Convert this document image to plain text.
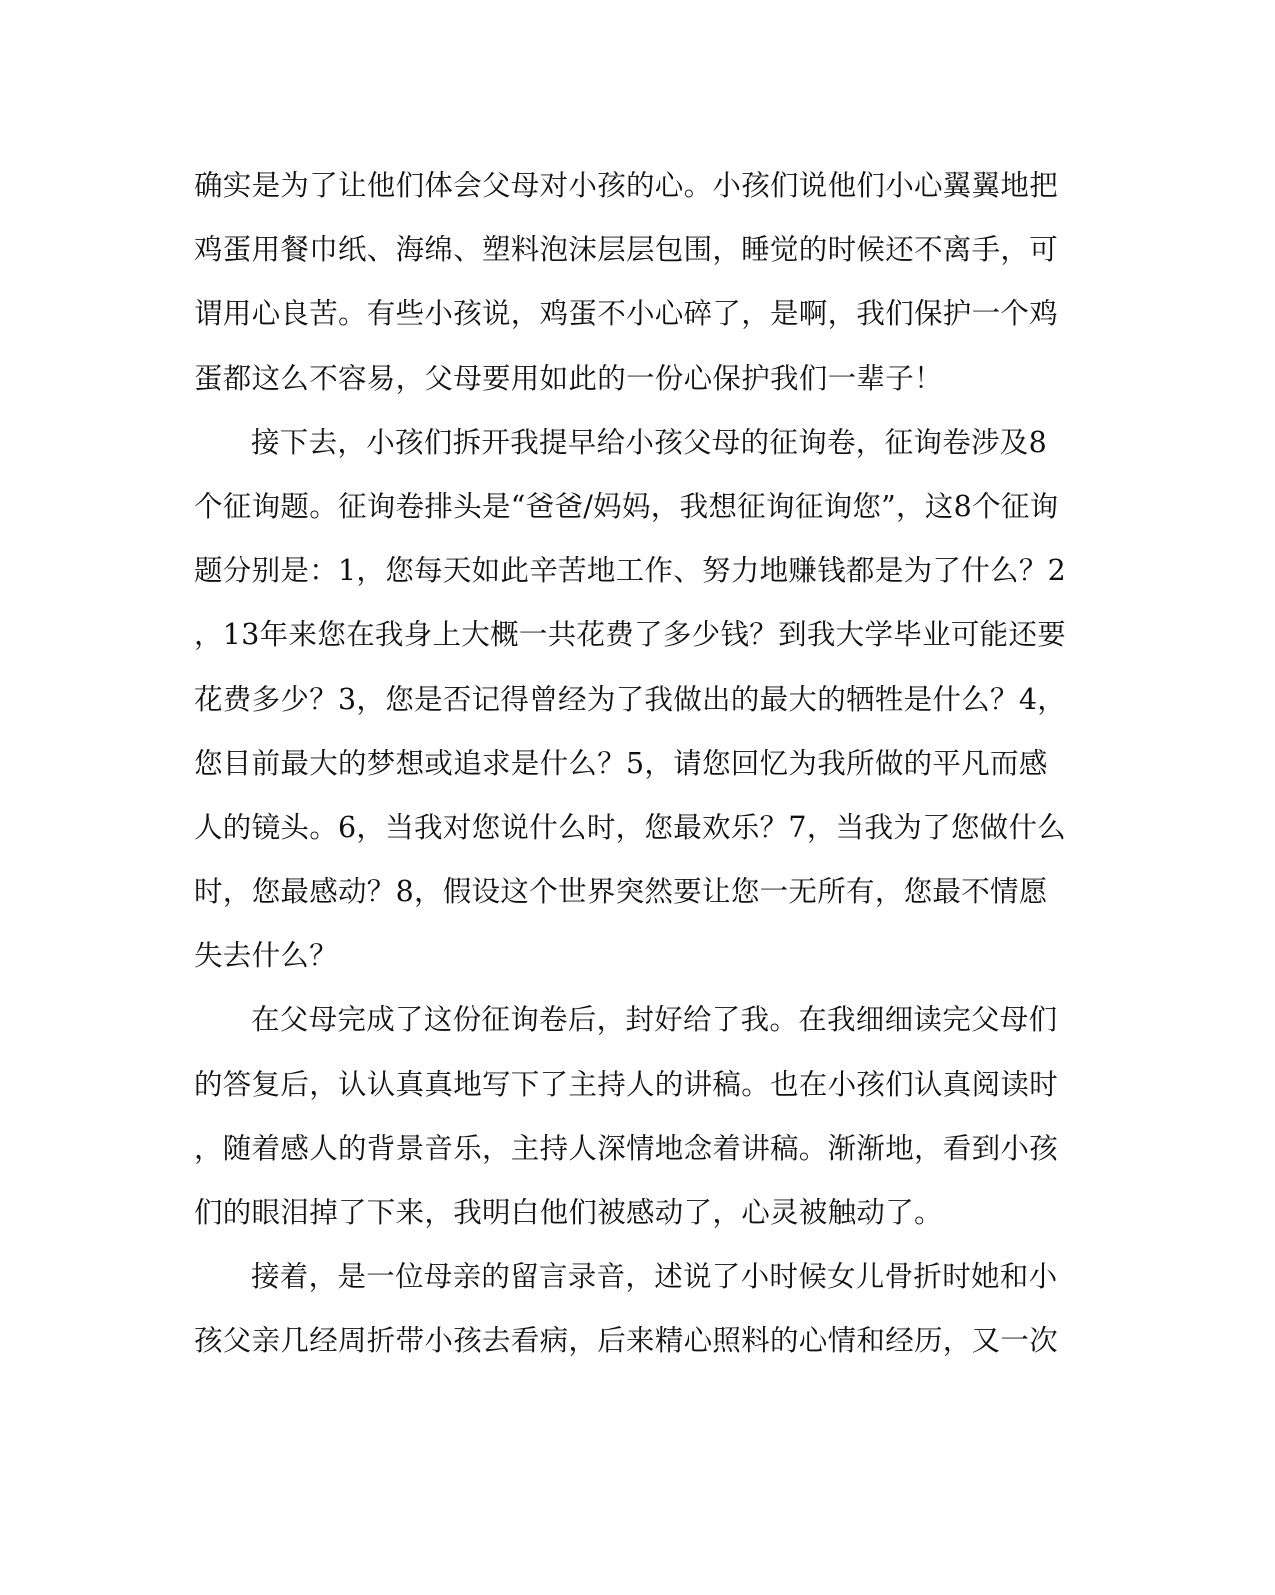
确实是为了让他们体会父母对小孩的心。小孩们说他们小心翼翼地把
鸡蛋用餐巾纸、海绵、塑料泡沫层层包围，睡觉的时候还不离手，可
谓用心良苦。有些小孩说，鸡蛋不小心碎了，是啊，我们保护一个鸡
蛋都这么不容易，父母要用如此的一份心保护我们一辈子！
接下去，小孩们拆开我提早给小孩父母的征询卷，征询卷涉及8
个征询题。征询卷排头是“爸爸/妈妈，我想征询征询您”，这8个征询
题分别是：1，您每天如此辛苦地工作、努力地赚钱都是为了什么？2
，13年来您在我身上大概一共花费了多少钱？到我大学毕业可能还要
花费多少？3，您是否记得曾经为了我做出的最大的牺牲是什么？4，
您目前最大的梦想或追求是什么？5，请您回忆为我所做的平凡而感
人的镜头。6，当我对您说什么时，您最欢乐？7，当我为了您做什么
时，您最感动？8，假设这个世界突然要让您一无所有，您最不情愿
失去什么？
在父母完成了这份征询卷后，封好给了我。在我细细读完父母们
的答复后，认认真真地写下了主持人的讲稿。也在小孩们认真阅读时
，随着感人的背景音乐，主持人深情地念着讲稿。渐渐地，看到小孩
们的眼泪掉了下来，我明白他们被感动了，心灵被触动了。
接着，是一位母亲的留言录音，述说了小时候女儿骨折时她和小
孩父亲几经周折带小孩去看病，后来精心照料的心情和经历，又一次
